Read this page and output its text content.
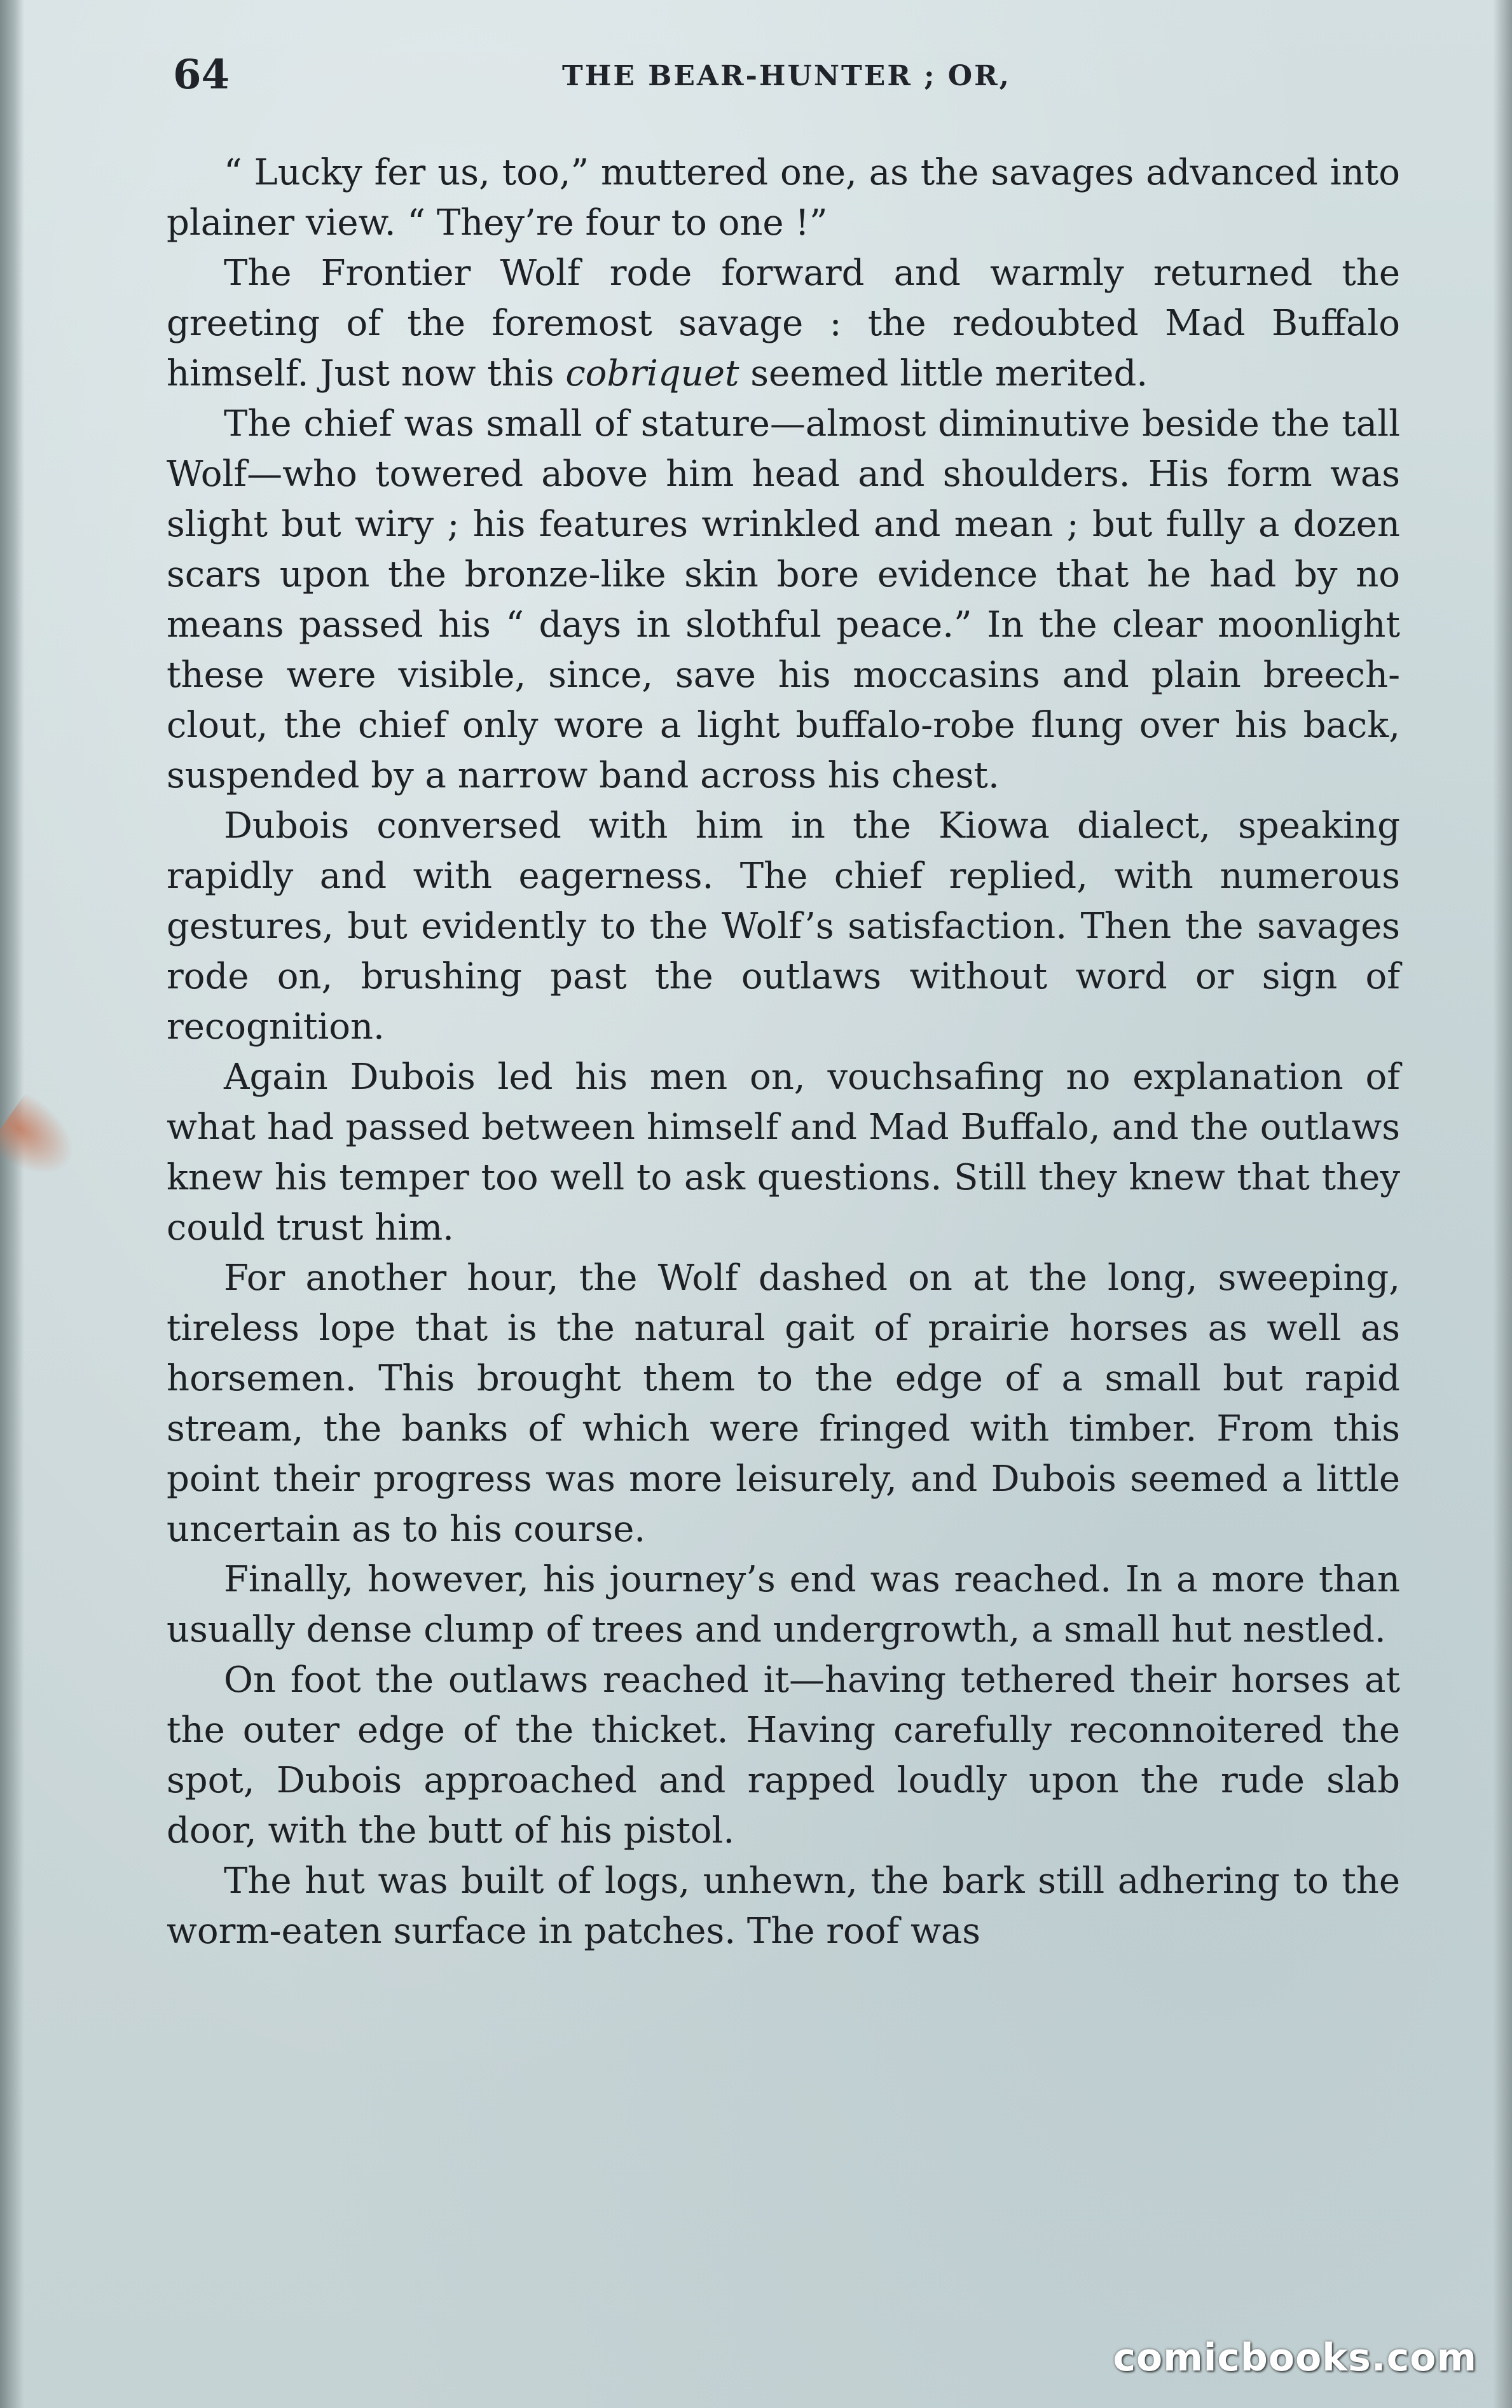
64	THE BEAR-HUNTER ; OR,

“ Lucky fer us, too,” muttered one, as the savages advanced into plainer view. “ They’re four to one !”

The Frontier Wolf rode forward and warmly returned the greeting of the foremost savage : the redoubted Mad Buffalo himself. Just now this cobriquet seemed little merited.

The chief was small of stature—almost diminutive beside the tall Wolf—who towered above him head and shoulders. His form was slight but wiry ; his features wrinkled and mean ; but fully a dozen scars upon the bronze-like skin bore evidence that he had by no means passed his “ days in slothful peace.” In the clear moonlight these were visible, since, save his moccasins and plain breech-clout, the chief only wore a light buffalo-robe flung over his back, suspended by a narrow band across his chest.

Dubois conversed with him in the Kiowa dialect, speaking rapidly and with eagerness. The chief replied, with numerous gestures, but evidently to the Wolf’s satisfaction. Then the savages rode on, brushing past the outlaws without word or sign of recognition.

Again Dubois led his men on, vouchsafing no explanation of what had passed between himself and Mad Buffalo, and the outlaws knew his temper too well to ask questions. Still they knew that they could trust him.

For another hour, the Wolf dashed on at the long, sweeping, tireless lope that is the natural gait of prairie horses as well as horsemen. This brought them to the edge of a small but rapid stream, the banks of which were fringed with timber. From this point their progress was more leisurely, and Dubois seemed a little uncertain as to his course.

Finally, however, his journey’s end was reached. In a more than usually dense clump of trees and undergrowth, a small hut nestled.

On foot the outlaws reached it—having tethered their horses at the outer edge of the thicket. Having carefully reconnoitered the spot, Dubois approached and rapped loudly upon the rude slab door, with the butt of his pistol.

The hut was built of logs, unhewn, the bark still adhering to the worm-eaten surface in patches. The roof was

comicbooks.com
